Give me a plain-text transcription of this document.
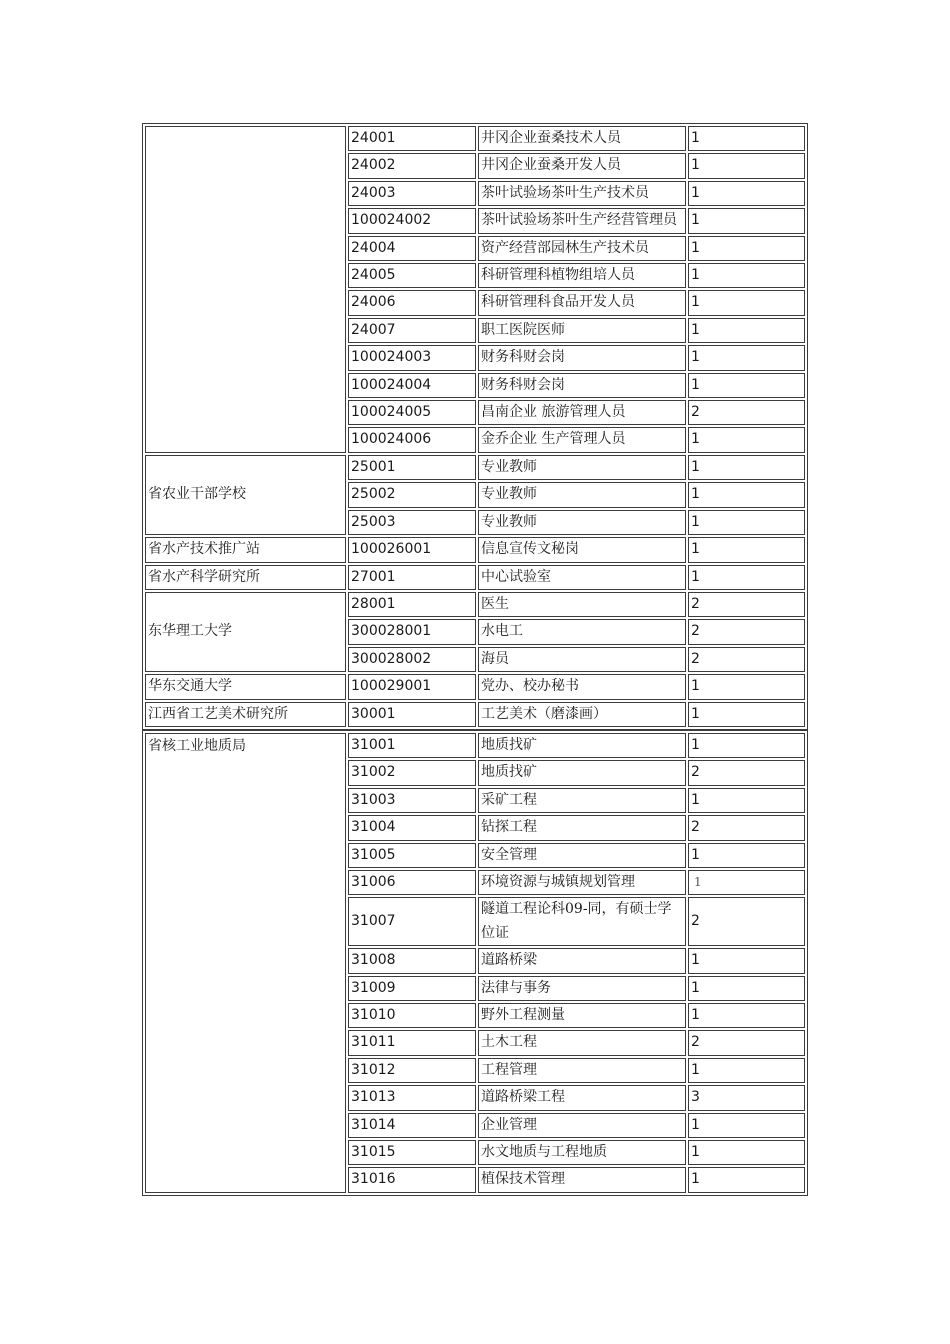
	24001	井冈企业蚕桑技术人员	1
	24002	井冈企业蚕桑开发人员	1
	24003	茶叶试验场茶叶生产技术员	1
	100024002	茶叶试验场茶叶生产经营管理员	1
	24004	资产经营部园林生产技术员	1
	24005	科研管理科植物组培人员	1
	24006	科研管理科食品开发人员	1
	24007	职工医院医师	1
	100024003	财务科财会岗	1
	100024004	财务科财会岗	1
	100024005	昌南企业 旅游管理人员	2
	100024006	金乔企业 生产管理人员	1
省农业干部学校	25001	专业教师	1
	25002	专业教师	1
	25003	专业教师	1
省水产技术推广站	100026001	信息宣传文秘岗	1
省水产科学研究所	27001	中心试验室	1
东华理工大学	28001	医生	2
	300028001	水电工	2
	300028002	海员	2
华东交通大学	100029001	党办、校办秘书	1
江西省工艺美术研究所	30001	工艺美术（磨漆画）	1
省核工业地质局	31001	地质找矿	1
	31002	地质找矿	2
	31003	采矿工程	1
	31004	钻探工程	2
	31005	安全管理	1
	31006	环境资源与城镇规划管理	1
	31007	隧道工程论科09-同，有硕士学位证	2
	31008	道路桥梁	1
	31009	法律与事务	1
	31010	野外工程测量	1
	31011	土木工程	2
	31012	工程管理	1
	31013	道路桥梁工程	3
	31014	企业管理	1
	31015	水文地质与工程地质	1
	31016	植保技术管理	1
